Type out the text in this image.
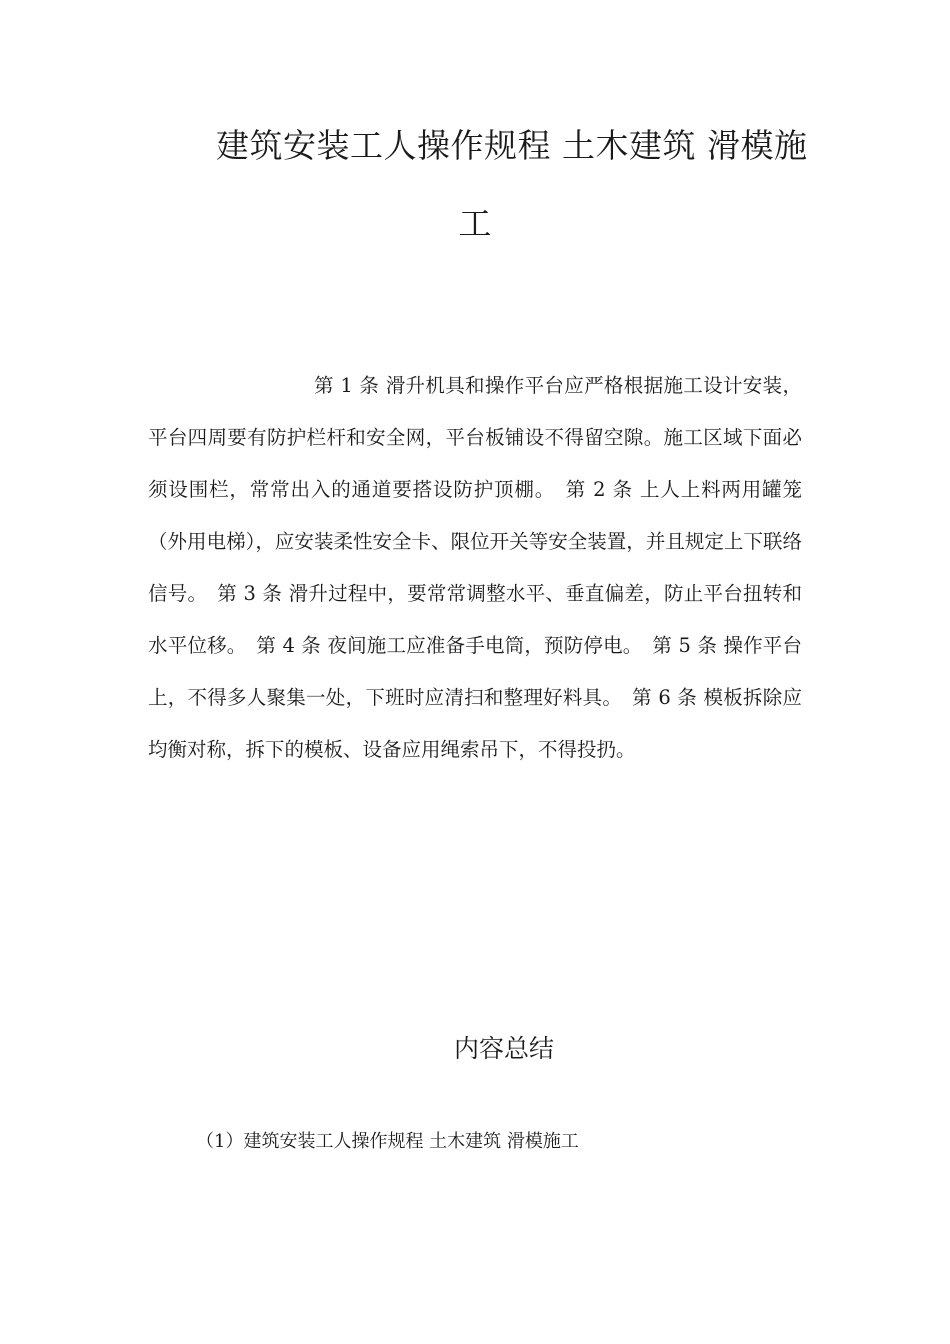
建筑安装工人操作规程 土木建筑 滑模施
工

第 1 条 滑升机具和操作平台应严格根据施工设计安装，平台四周要有防护栏杆和安全网，平台板铺设不得留空隙。施工区域下面必须设围栏，常常出入的通道要搭设防护顶棚。　第 2 条 上人上料两用罐笼（外用电梯），应安装柔性安全卡、限位开关等安全装置，并且规定上下联络信号。　第 3 条 滑升过程中，要常常调整水平、垂直偏差，防止平台扭转和水平位移。　第 4 条 夜间施工应准备手电筒，预防停电。　第 5 条 操作平台上，不得多人聚集一处，下班时应清扫和整理好料具。　第 6 条 模板拆除应均衡对称，拆下的模板、设备应用绳索吊下，不得投扔。

内容总结
（1）建筑安装工人操作规程 土木建筑 滑模施工
